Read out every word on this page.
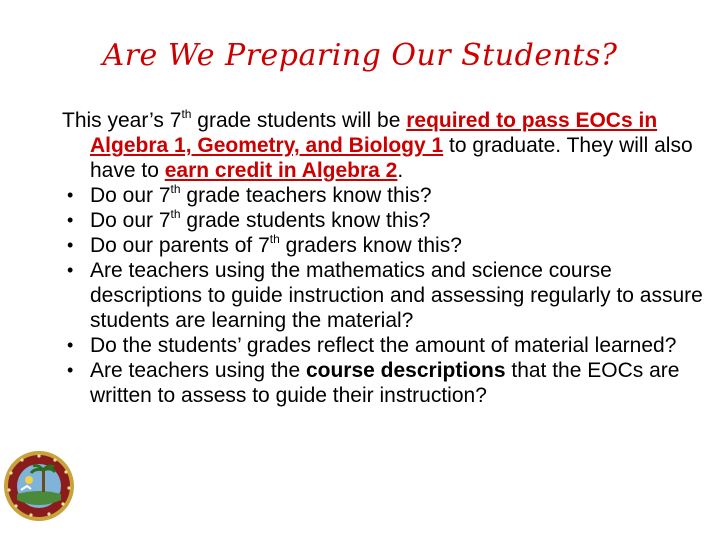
Are We Preparing Our Students?

This year’s 7th grade students will be required to pass EOCs in Algebra 1, Geometry, and Biology 1 to graduate. They will also have to earn credit in Algebra 2.

• Do our 7th grade teachers know this?
• Do our 7th grade students know this?
• Do our parents of 7th graders know this?
• Are teachers using the mathematics and science course descriptions to guide instruction and assessing regularly to assure students are learning the material?
• Do the students’ grades reflect the amount of material learned?
• Are teachers using the course descriptions that the EOCs are written to assess to guide their instruction?
